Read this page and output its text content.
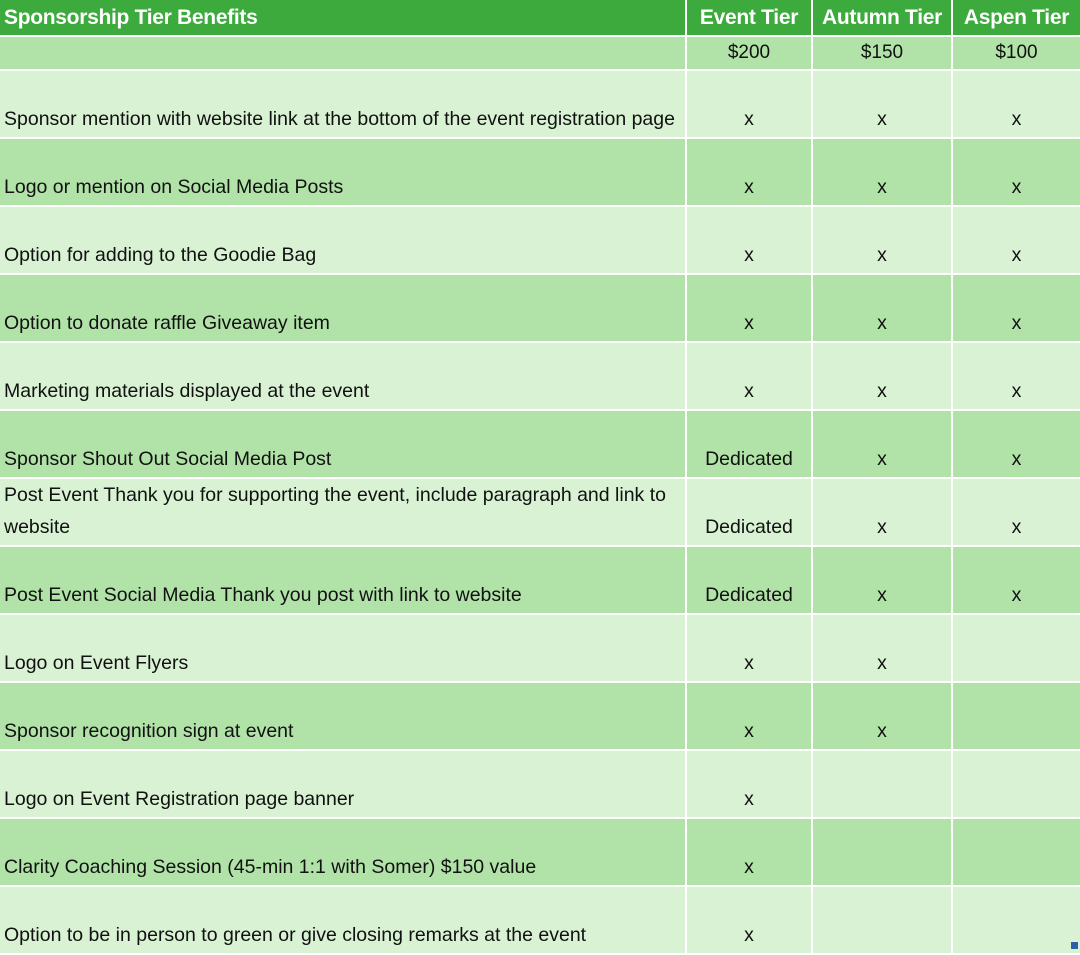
Sponsorship Tier Benefits	Event Tier	Autumn Tier	Aspen Tier
	$200	$150	$100
Sponsor mention with website link at the bottom of the event registration page	x	x	x
Logo or mention on Social Media Posts	x	x	x
Option for adding to the Goodie Bag	x	x	x
Option to donate raffle Giveaway item	x	x	x
Marketing materials displayed at the event	x	x	x
Sponsor Shout Out Social Media Post	Dedicated	x	x
Post Event Thank you for supporting the event, include paragraph and link to website	Dedicated	x	x
Post Event Social Media Thank you post with link to website	Dedicated	x	x
Logo on Event Flyers	x	x	
Sponsor recognition sign at event	x	x	
Logo on Event Registration page banner	x		
Clarity Coaching Session (45-min 1:1 with Somer) $150 value	x		
Option to be in person to green or give closing remarks at the event	x		
